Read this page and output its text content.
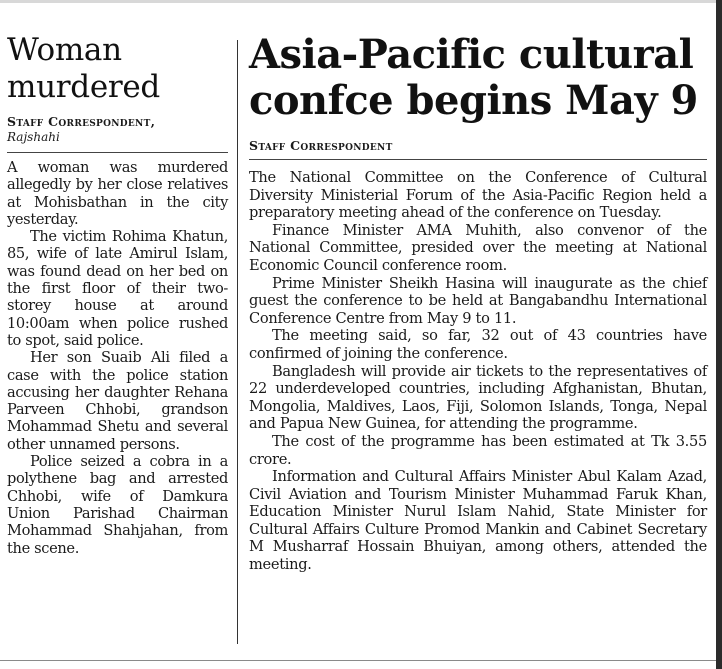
Woman murdered
Staff Correspondent,
Rajshahi

A woman was murdered allegedly by her close relatives at Mohisbathan in the city yesterday.

The victim Rohima Khatun, 85, wife of late Amirul Islam, was found dead on her bed on the first floor of their two-storey house at around 10:00am when police rushed to spot, said police.

Her son Suaib Ali filed a case with the police station accusing her daughter Rehana Parveen Chhobi, grandson Mohammad Shetu and several other unnamed persons.

Police seized a cobra in a polythene bag and arrested Chhobi, wife of Damkura Union Parishad Chairman Mohammad Shahjahan, from the scene.

Asia-Pacific cultural confce begins May 9
Staff Correspondent

The National Committee on the Conference of Cultural Diversity Ministerial Forum of the Asia-Pacific Region held a preparatory meeting ahead of the conference on Tuesday.

Finance Minister AMA Muhith, also convenor of the National Committee, presided over the meeting at National Economic Council conference room.

Prime Minister Sheikh Hasina will inaugurate as the chief guest the conference to be held at Bangabandhu International Conference Centre from May 9 to 11.

The meeting said, so far, 32 out of 43 countries have confirmed of joining the conference.

Bangladesh will provide air tickets to the representatives of 22 underdeveloped countries, including Afghanistan, Bhutan, Mongolia, Maldives, Laos, Fiji, Solomon Islands, Tonga, Nepal and Papua New Guinea, for attending the programme.

The cost of the programme has been estimated at Tk 3.55 crore.

Information and Cultural Affairs Minister Abul Kalam Azad, Civil Aviation and Tourism Minister Muhammad Faruk Khan, Education Minister Nurul Islam Nahid, State Minister for Cultural Affairs Culture Promod Mankin and Cabinet Secretary M Musharraf Hossain Bhuiyan, among others, attended the meeting.
